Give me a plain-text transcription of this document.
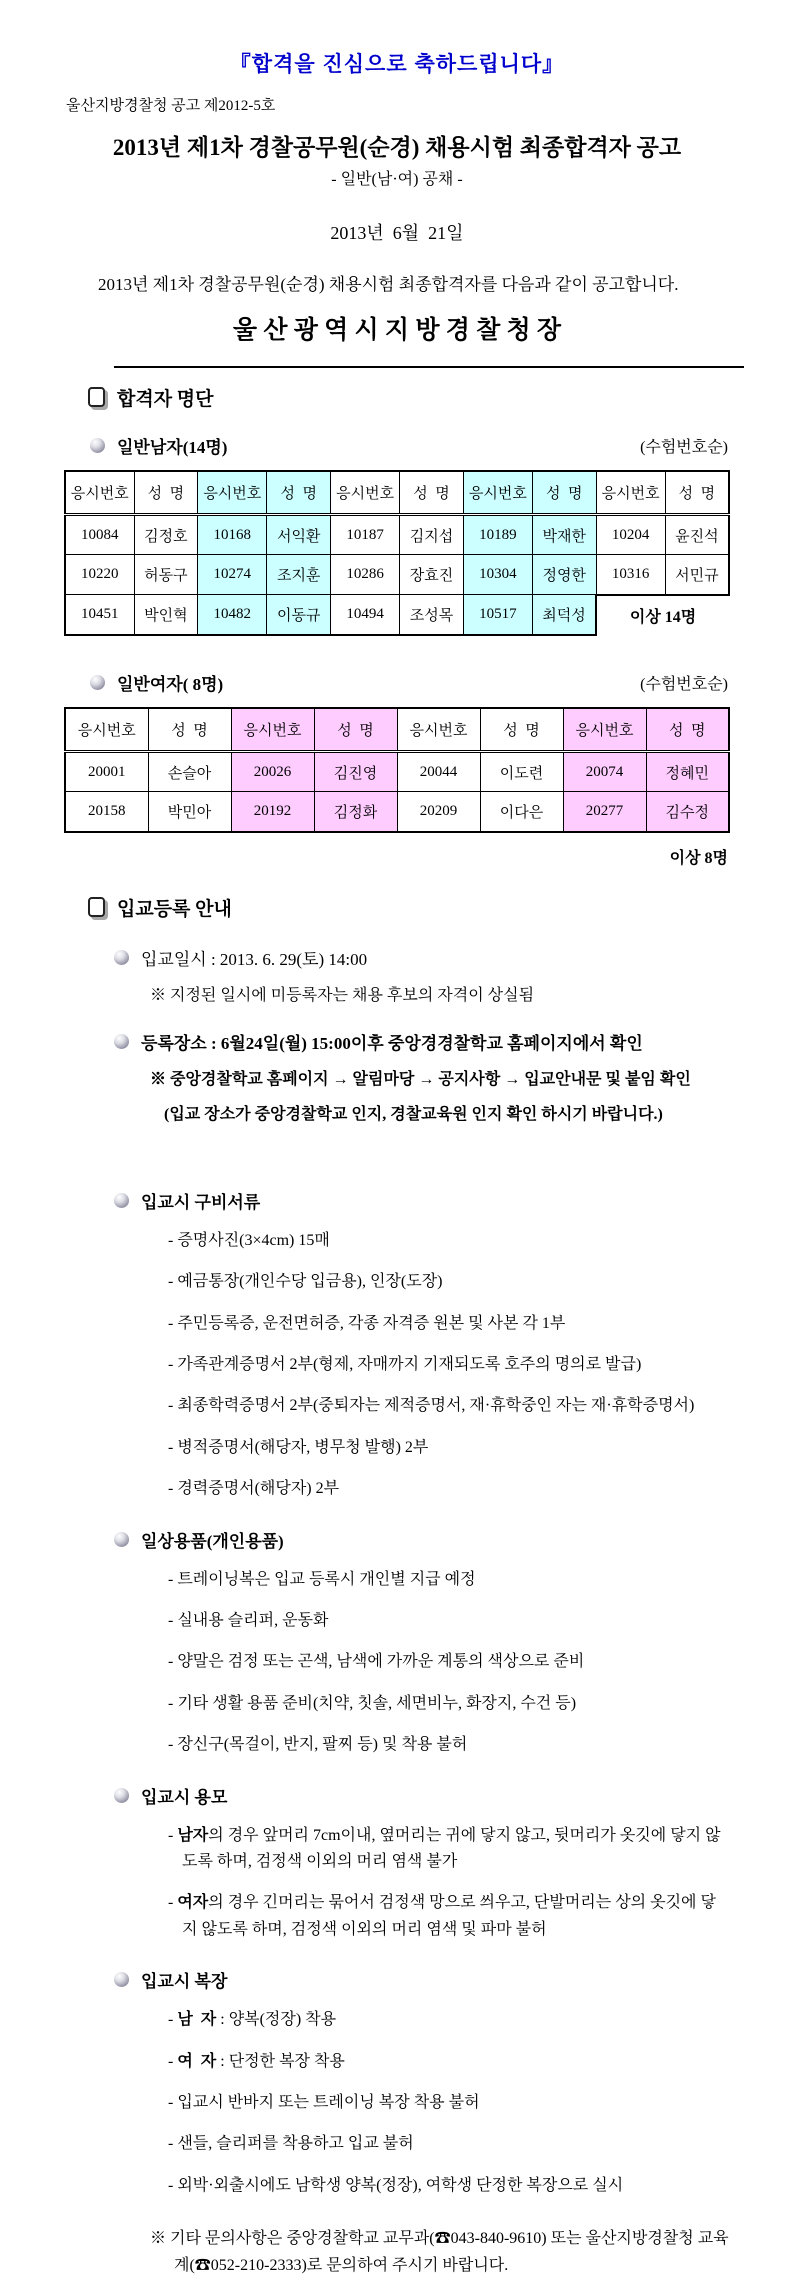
『합격을 진심으로 축하드립니다』
울산지방경찰청 공고 제2012-5호
2013년 제1차 경찰공무원(순경) 채용시험 최종합격자 공고
- 일반(남·여) 공채 -
2013년  6월  21일

2013년 제1차 경찰공무원(순경) 채용시험 최종합격자를 다음과 같이 공고합니다.

울 산 광 역 시 지 방 경 찰 청 장
합격자 명단
일반남자(14명)	(수험번호순)
응시번호	성  명	응시번호	성  명	응시번호	성  명	응시번호	성  명	응시번호	성  명
10084	김정호	10168	서익환	10187	김지섭	10189	박재한	10204	윤진석
10220	허동구	10274	조지훈	10286	장효진	10304	정영한	10316	서민규
10451	박인혁	10482	이동규	10494	조성목	10517	최덕성	이상 14명	
일반여자( 8명)	(수험번호순)
응시번호	성  명	응시번호	성  명	응시번호	성  명	응시번호	성  명
20001	손슬아	20026	김진영	20044	이도련	20074	정혜민
20158	박민아	20192	김정화	20209	이다은	20277	김수정
이상 8명
입교등록 안내
입교일시 : 2013. 6. 29(토) 14:00
※ 지정된 일시에 미등록자는 채용 후보의 자격이 상실됨
등록장소 : 6월24일(월) 15:00이후 중앙경경찰학교 홈페이지에서 확인
※ 중앙경찰학교 홈페이지 → 알림마당 → 공지사항 → 입교안내문 및 붙임 확인
(입교 장소가 중앙경찰학교 인지, 경찰교육원 인지 확인 하시기 바랍니다.)
입교시 구비서류
- 증명사진(3×4cm) 15매
- 예금통장(개인수당 입금용), 인장(도장)
- 주민등록증, 운전면허증, 각종 자격증 원본 및 사본 각 1부
- 가족관계증명서 2부(형제, 자매까지 기재되도록 호주의 명의로 발급)
- 최종학력증명서 2부(중퇴자는 제적증명서, 재·휴학중인 자는 재·휴학증명서)
- 병적증명서(해당자, 병무청 발행) 2부
- 경력증명서(해당자) 2부
일상용품(개인용품)
- 트레이닝복은 입교 등록시 개인별 지급 예정
- 실내용 슬리퍼, 운동화
- 양말은 검정 또는 곤색, 남색에 가까운 계통의 색상으로 준비
- 기타 생활 용품 준비(치약, 칫솔, 세면비누, 화장지, 수건 등)
- 장신구(목걸이, 반지, 팔찌 등) 및 착용 불허
입교시 용모
- 남자의 경우 앞머리 7cm이내, 옆머리는 귀에 닿지 않고, 뒷머리가 옷깃에 닿지 않도록 하며, 검정색 이외의 머리 염색 불가
- 여자의 경우 긴머리는 묶어서 검정색 망으로 씌우고, 단발머리는 상의 옷깃에 닿지 않도록 하며, 검정색 이외의 머리 염색 및 파마 불허
입교시 복장
- 남  자 : 양복(정장) 착용
- 여  자 : 단정한 복장 착용
- 입교시 반바지 또는 트레이닝 복장 착용 불허
- 샌들, 슬리퍼를 착용하고 입교 불허
- 외박·외출시에도 남학생 양복(정장), 여학생 단정한 복장으로 실시
※ 기타 문의사항은 중앙경찰학교 교무과(☎043-840-9610) 또는 울산지방경찰청 교육계(☎052-210-2333)로 문의하여 주시기 바랍니다.
